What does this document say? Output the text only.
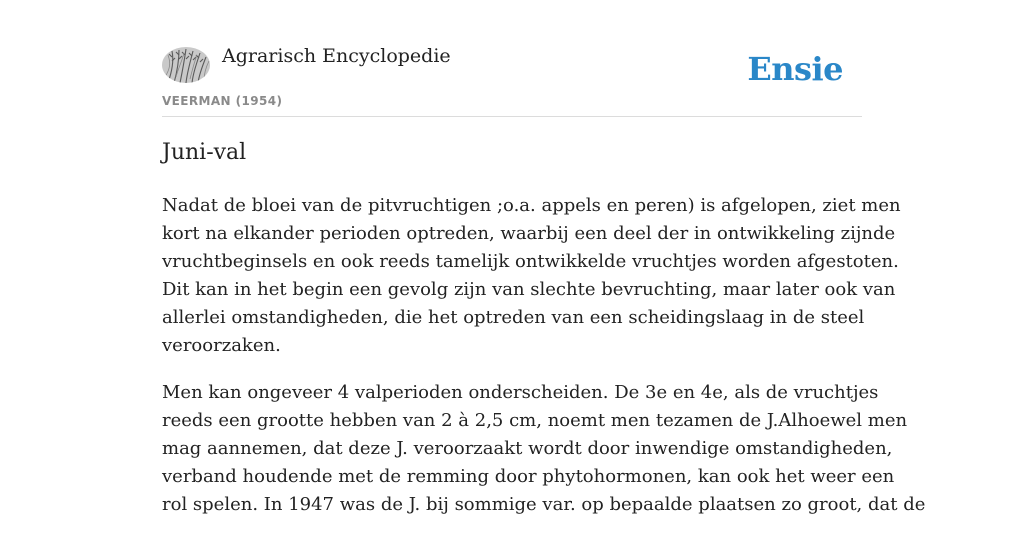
Agrarisch Encyclopedie
VEERMAN (1954)
Ensie
Juni-val

Nadat de bloei van de pitvruchtigen ;o.a. appels en peren) is afgelopen, ziet men
kort na elkander perioden optreden, waarbij een deel der in ontwikkeling zijnde
vruchtbeginsels en ook reeds tamelijk ontwikkelde vruchtjes worden afgestoten.
Dit kan in het begin een gevolg zijn van slechte bevruchting, maar later ook van
allerlei omstandigheden, die het optreden van een scheidingslaag in de steel
veroorzaken.

Men kan ongeveer 4 valperioden onderscheiden. De 3e en 4e, als de vruchtjes
reeds een grootte hebben van 2 à 2,5 cm, noemt men tezamen de J.Alhoewel men
mag aannemen, dat deze J. veroorzaakt wordt door inwendige omstandigheden,
verband houdende met de remming door phytohormonen, kan ook het weer een
rol spelen. In 1947 was de J. bij sommige var. op bepaalde plaatsen zo groot, dat de
